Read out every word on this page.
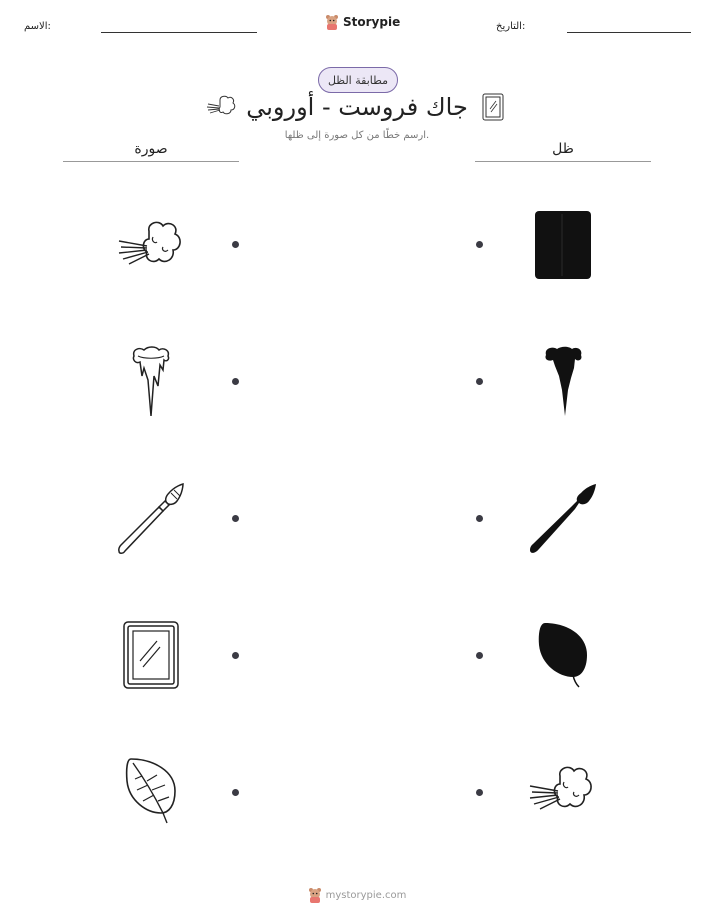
الاسم:	Storypie	التاريخ:
مطابقة الظل
جاك فروست - أوروبي
ارسم خطًا من كل صورة إلى ظلها.
صورة	ظل
mystorypie.com
